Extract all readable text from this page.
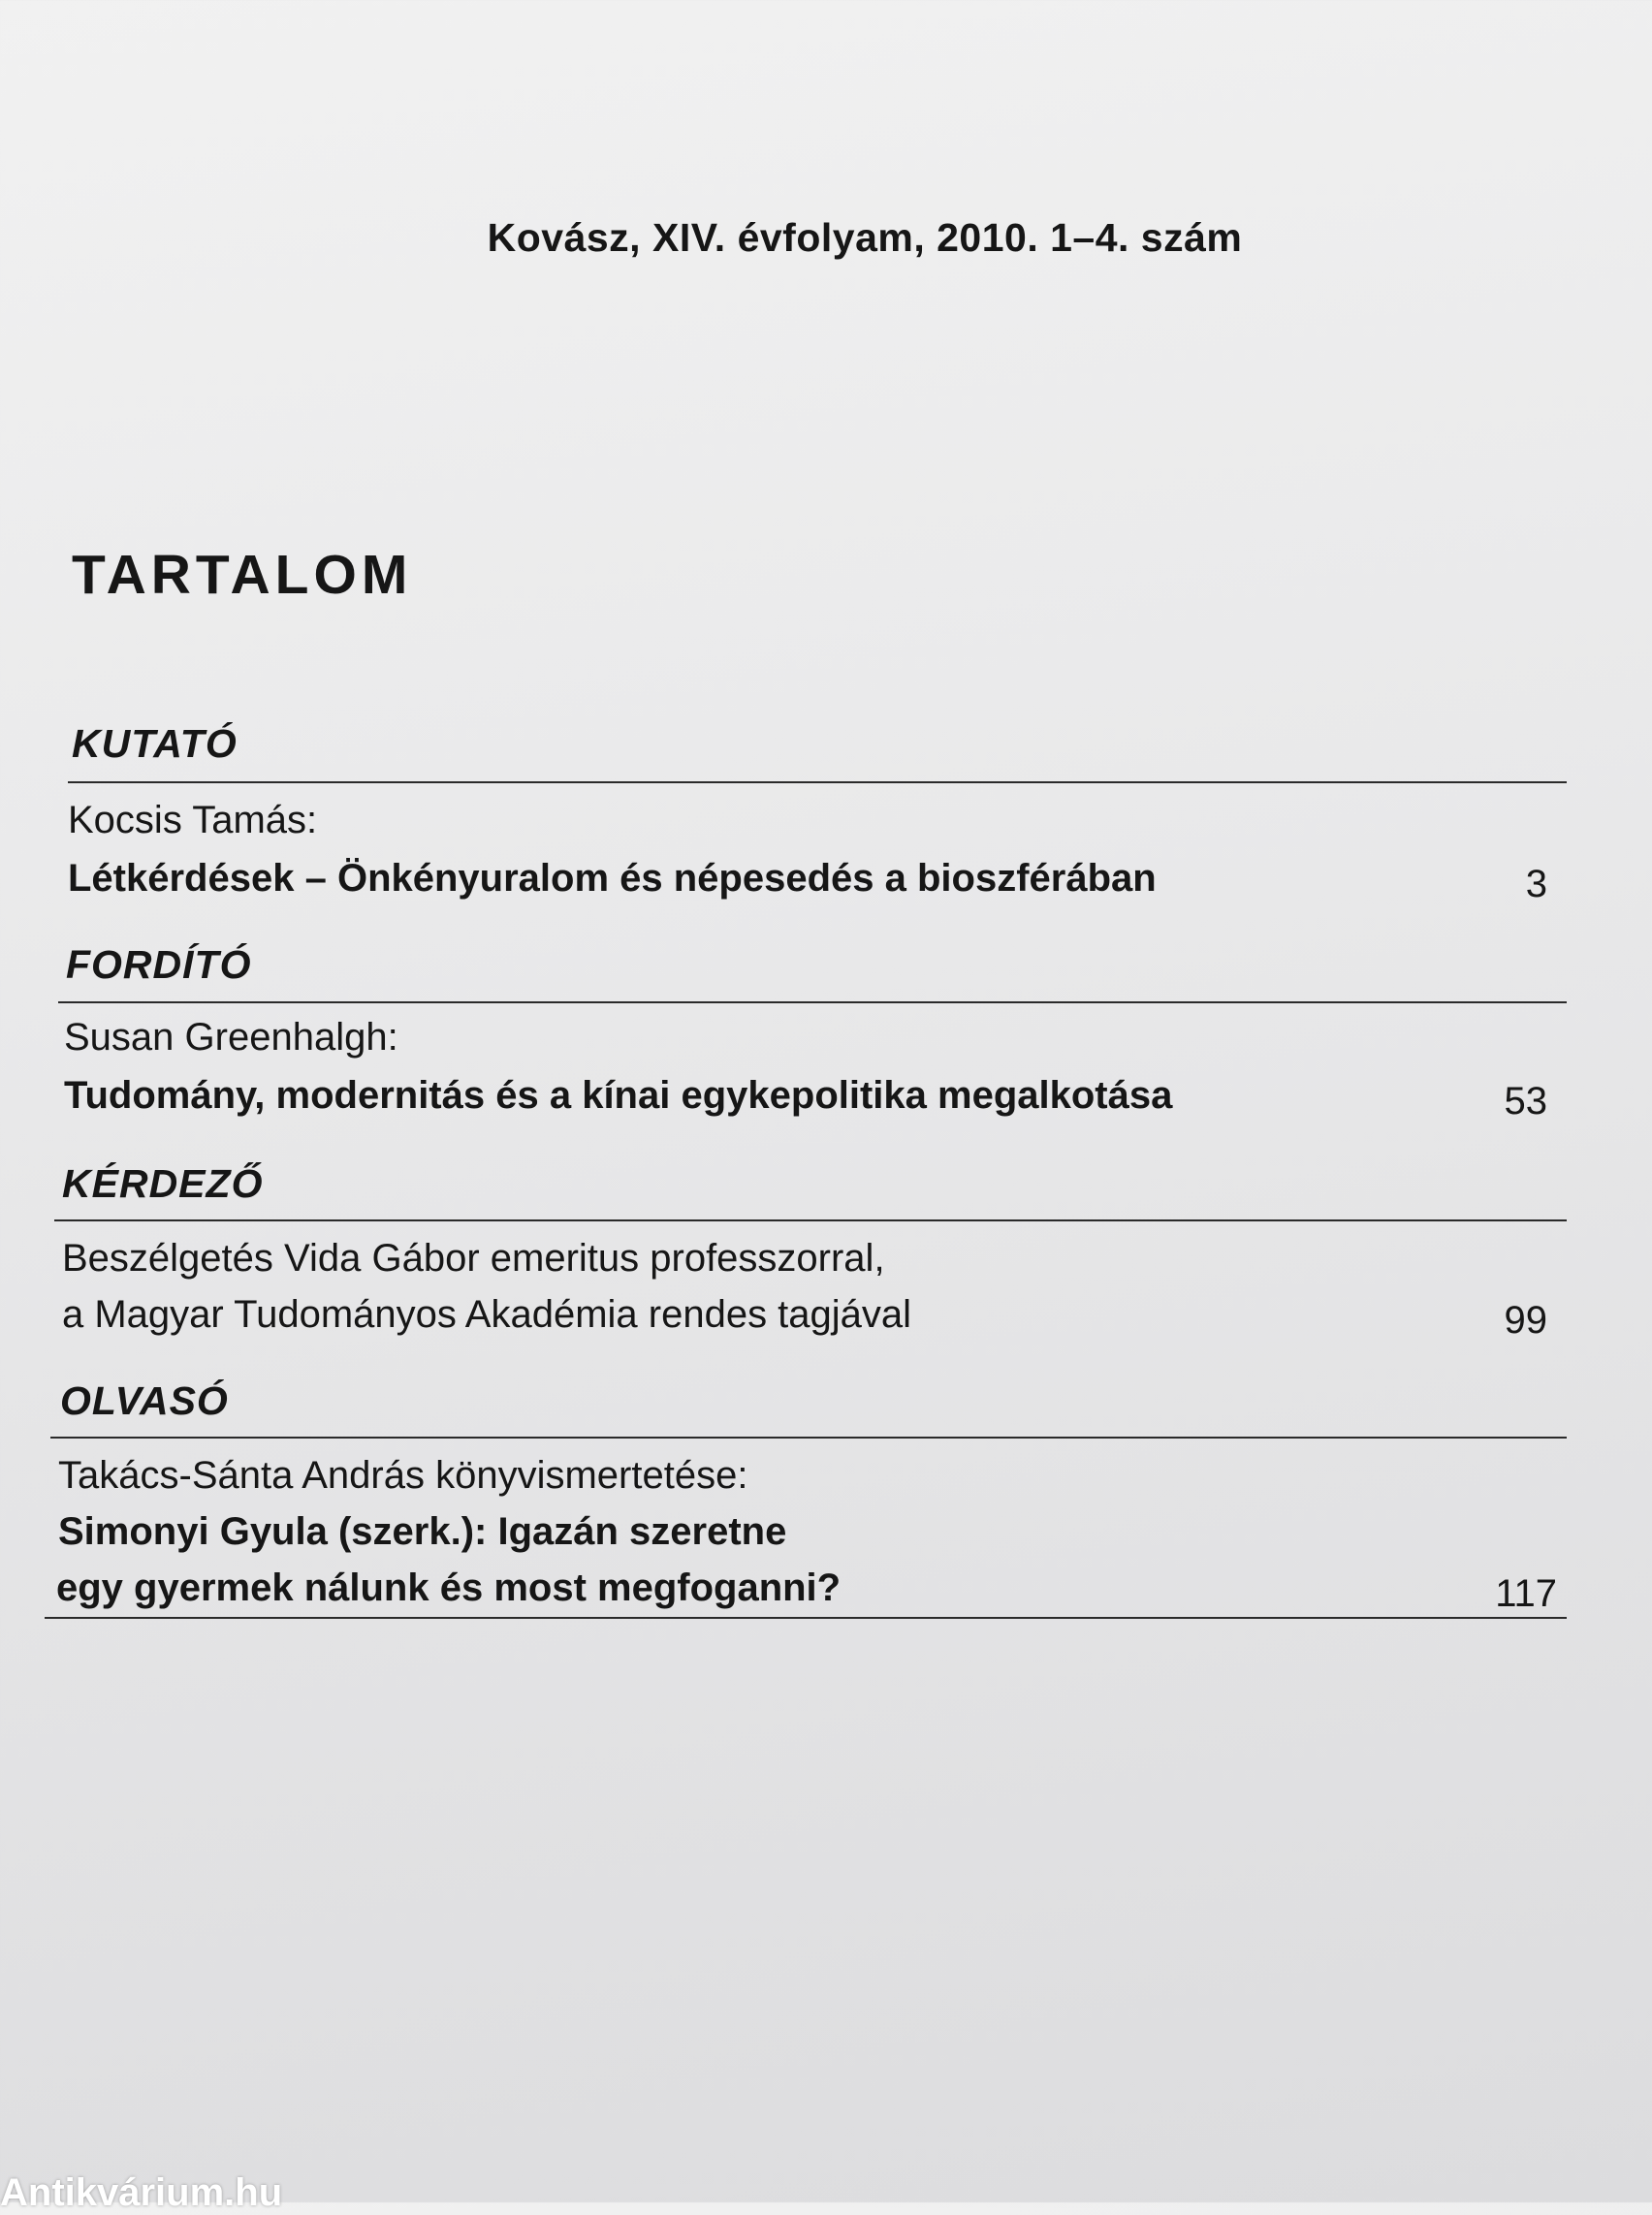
Kovász, XIV. évfolyam, 2010. 1–4. szám
TARTALOM
KUTATÓ
Kocsis Tamás:
Létkérdések – Önkényuralom és népesedés a bioszférában	3
FORDÍTÓ
Susan Greenhalgh:
Tudomány, modernitás és a kínai egykepolitika megalkotása	53
KÉRDEZŐ
Beszélgetés Vida Gábor emeritus professzorral,
a Magyar Tudományos Akadémia rendes tagjával	99
OLVASÓ
Takács-Sánta András könyvismertetése:
Simonyi Gyula (szerk.): Igazán szeretne
egy gyermek nálunk és most megfoganni?	117
Antikvárium.hu
